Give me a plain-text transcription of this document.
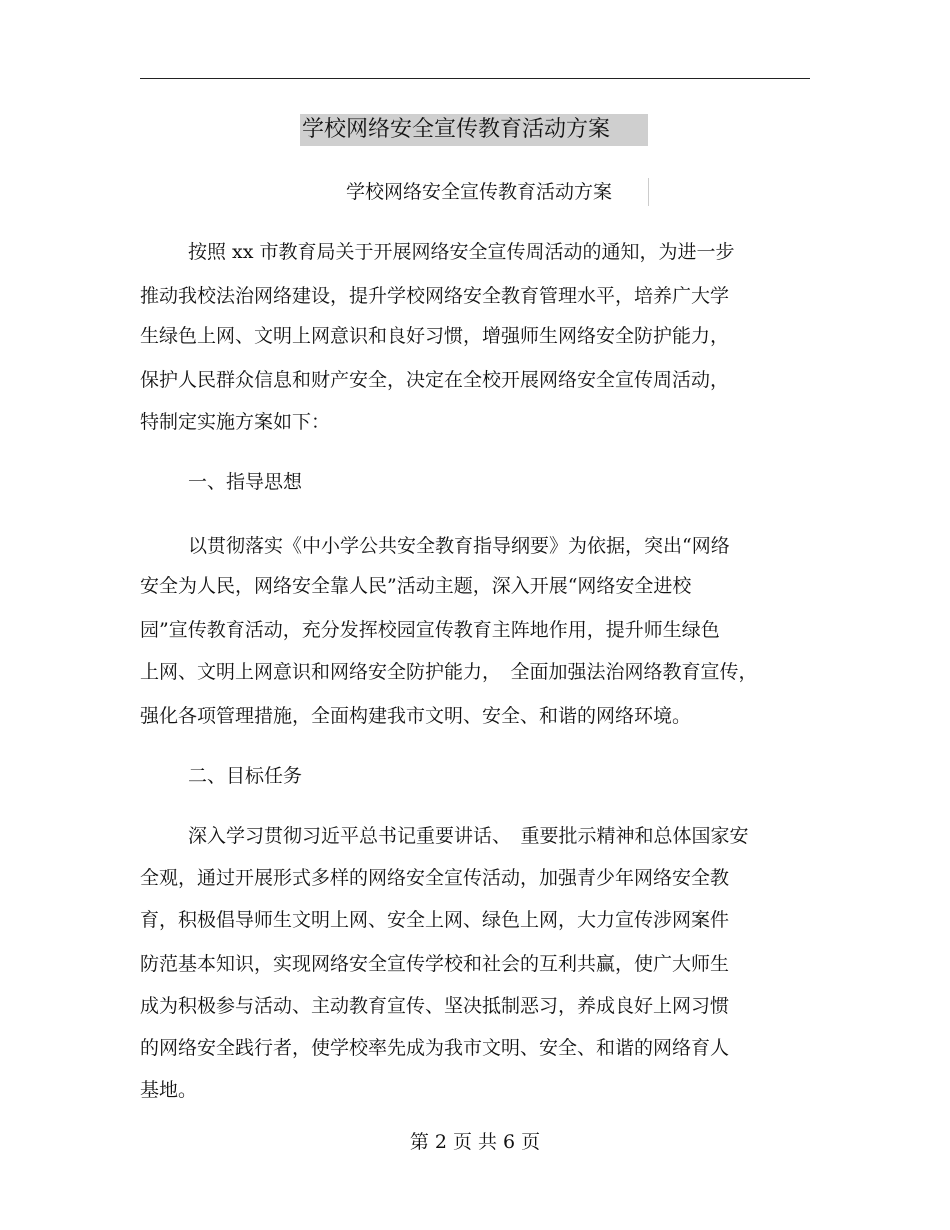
学校网络安全宣传教育活动方案
学校网络安全宣传教育活动方案
按照 xx 市教育局关于开展网络安全宣传周活动的通知，为进一步
推动我校法治网络建设，提升学校网络安全教育管理水平，培养广大学
生绿色上网、文明上网意识和良好习惯，增强师生网络安全防护能力，
保护人民群众信息和财产安全，决定在全校开展网络安全宣传周活动，
特制定实施方案如下：
一、指导思想
以贯彻落实《中小学公共安全教育指导纲要》为依据，突出“网络
安全为人民，网络安全靠人民”活动主题，深入开展“网络安全进校
园”宣传教育活动，充分发挥校园宣传教育主阵地作用，提升师生绿色
上网、文明上网意识和网络安全防护能力，　全面加强法治网络教育宣传，
强化各项管理措施，全面构建我市文明、安全、和谐的网络环境。
二、目标任务
深入学习贯彻习近平总书记重要讲话、　重要批示精神和总体国家安
全观，通过开展形式多样的网络安全宣传活动，加强青少年网络安全教
育，积极倡导师生文明上网、安全上网、绿色上网，大力宣传涉网案件
防范基本知识，实现网络安全宣传学校和社会的互利共赢，使广大师生
成为积极参与活动、主动教育宣传、坚决抵制恶习，养成良好上网习惯
的网络安全践行者，使学校率先成为我市文明、安全、和谐的网络育人
基地。
第 2 页 共 6 页
